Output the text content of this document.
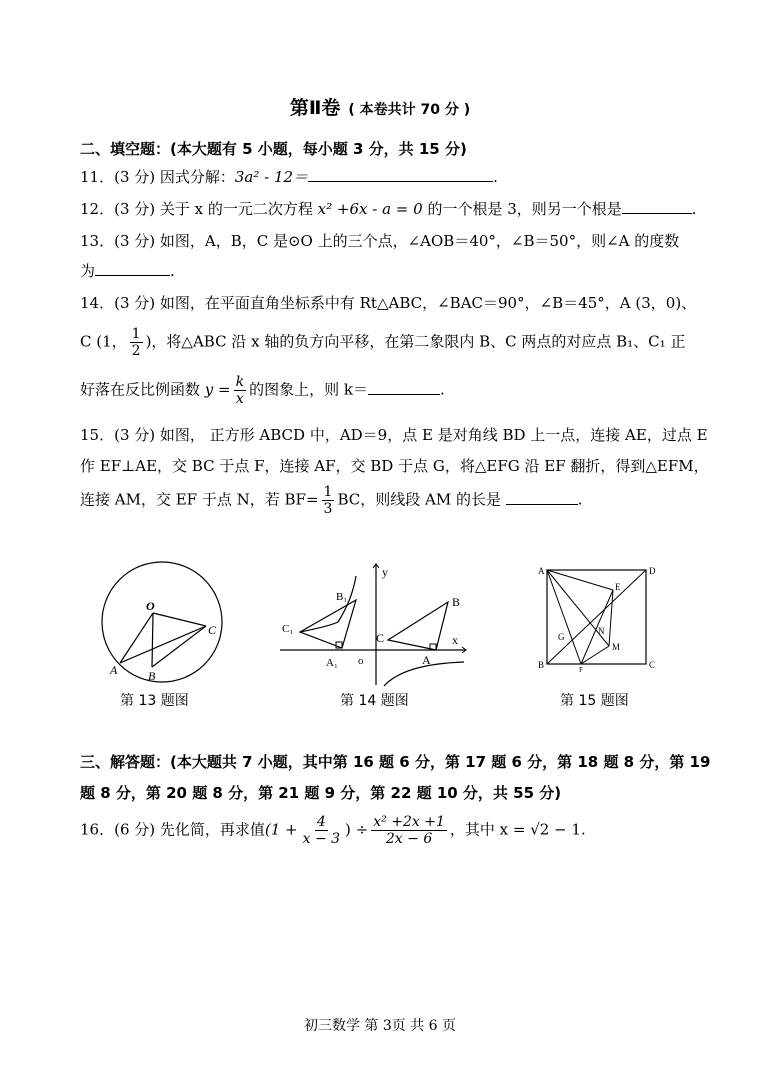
第Ⅱ卷 ( 本卷共计 70 分 )
二、填空题：(本大题有 5 小题，每小题 3 分，共 15 分)
11．(3 分) 因式分解：3a² - 12＝	.
12．(3 分) 关于 x 的一元二次方程 x² +6x - a = 0 的一个根是 3，则另一个根是	.
13．(3 分) 如图，A，B，C 是⊙O 上的三个点，∠AOB＝40°，∠B＝50°，则∠A 的度数
为	.
14．(3 分) 如图，在平面直角坐标系中有 Rt△ABC，∠BAC＝90°，∠B＝45°，A (3，0)、
C (1， $\frac{1}{2}$ )，将△ABC 沿 x 轴的负方向平移，在第二象限内 B、C 两点的对应点 B₁、C₁ 正
好落在反比例函数 $y = \frac{k}{x}$ 的图象上，则 k＝	.
15．(3 分) 如图， 正方形 ABCD 中，AD＝9，点 E 是对角线 BD 上一点，连接 AE，过点 E
作 EF⊥AE，交 BC 于点 F，连接 AF，交 BD 于点 G，将△EFG 沿 EF 翻折，得到△EFM，
连接 AM，交 EF 于点 N，若 $BF= \frac{1}{3}$ BC，则线段 AM 的长是	.
O
A	B
C
第 13 题图
y
x
o
B₁
C₁
A₁
B
C
A
第 14 题图
A	D
B	C
E
G
N
M
F
第 15 题图
三、解答题：(本大题共 7 小题，其中第 16 题 6 分，第 17 题 6 分，第 18 题 8 分，第 19
题 8 分，第 20 题 8 分，第 21 题 9 分，第 22 题 10 分，共 55 分)
16．(6 分) 先化简，再求值($1 + \frac{4}{x - 3}$ ) ÷ $\frac{\text{x² +2x +1}}{2x - 6}$ ，其中 x = √2 − 1.
初三数学 第 3页 共 6 页
